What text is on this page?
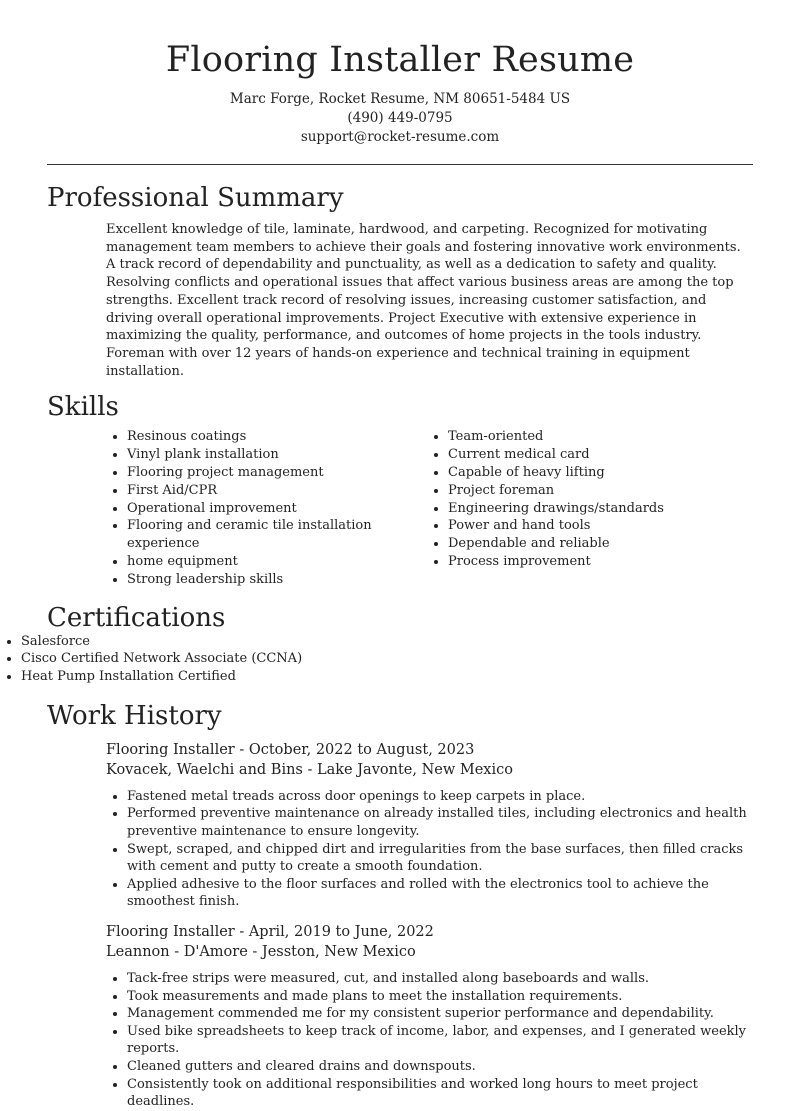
Flooring Installer Resume

Marc Forge, Rocket Resume, NM 80651-5484 US

(490) 449-0795

support@rocket-resume.com

Professional Summary

Excellent knowledge of tile, laminate, hardwood, and carpeting. Recognized for motivating management team members to achieve their goals and fostering innovative work environments. A track record of dependability and punctuality, as well as a dedication to safety and quality. Resolving conflicts and operational issues that affect various business areas are among the top strengths. Excellent track record of resolving issues, increasing customer satisfaction, and driving overall operational improvements. Project Executive with extensive experience in maximizing the quality, performance, and outcomes of home projects in the tools industry. Foreman with over 12 years of hands-on experience and technical training in equipment installation.

Skills
• Resinous coatings
• Vinyl plank installation
• Flooring project management
• First Aid/CPR
• Operational improvement
• Flooring and ceramic tile installation experience
• home equipment
• Strong leadership skills
• Team-oriented
• Current medical card
• Capable of heavy lifting
• Project foreman
• Engineering drawings/standards
• Power and hand tools
• Dependable and reliable
• Process improvement
Certifications
• Salesforce
• Cisco Certified Network Associate (CCNA)
• Heat Pump Installation Certified
Work History

Flooring Installer - October, 2022 to August, 2023

Kovacek, Waelchi and Bins - Lake Javonte, New Mexico

• Fastened metal treads across door openings to keep carpets in place.
• Performed preventive maintenance on already installed tiles, including electronics and health preventive maintenance to ensure longevity.
• Swept, scraped, and chipped dirt and irregularities from the base surfaces, then filled cracks with cement and putty to create a smooth foundation.
• Applied adhesive to the floor surfaces and rolled with the electronics tool to achieve the smoothest finish.

Flooring Installer - April, 2019 to June, 2022

Leannon - D'Amore - Jesston, New Mexico

• Tack-free strips were measured, cut, and installed along baseboards and walls.
• Took measurements and made plans to meet the installation requirements.
• Management commended me for my consistent superior performance and dependability.
• Used bike spreadsheets to keep track of income, labor, and expenses, and I generated weekly reports.
• Cleaned gutters and cleared drains and downspouts.
• Consistently took on additional responsibilities and worked long hours to meet project deadlines.
